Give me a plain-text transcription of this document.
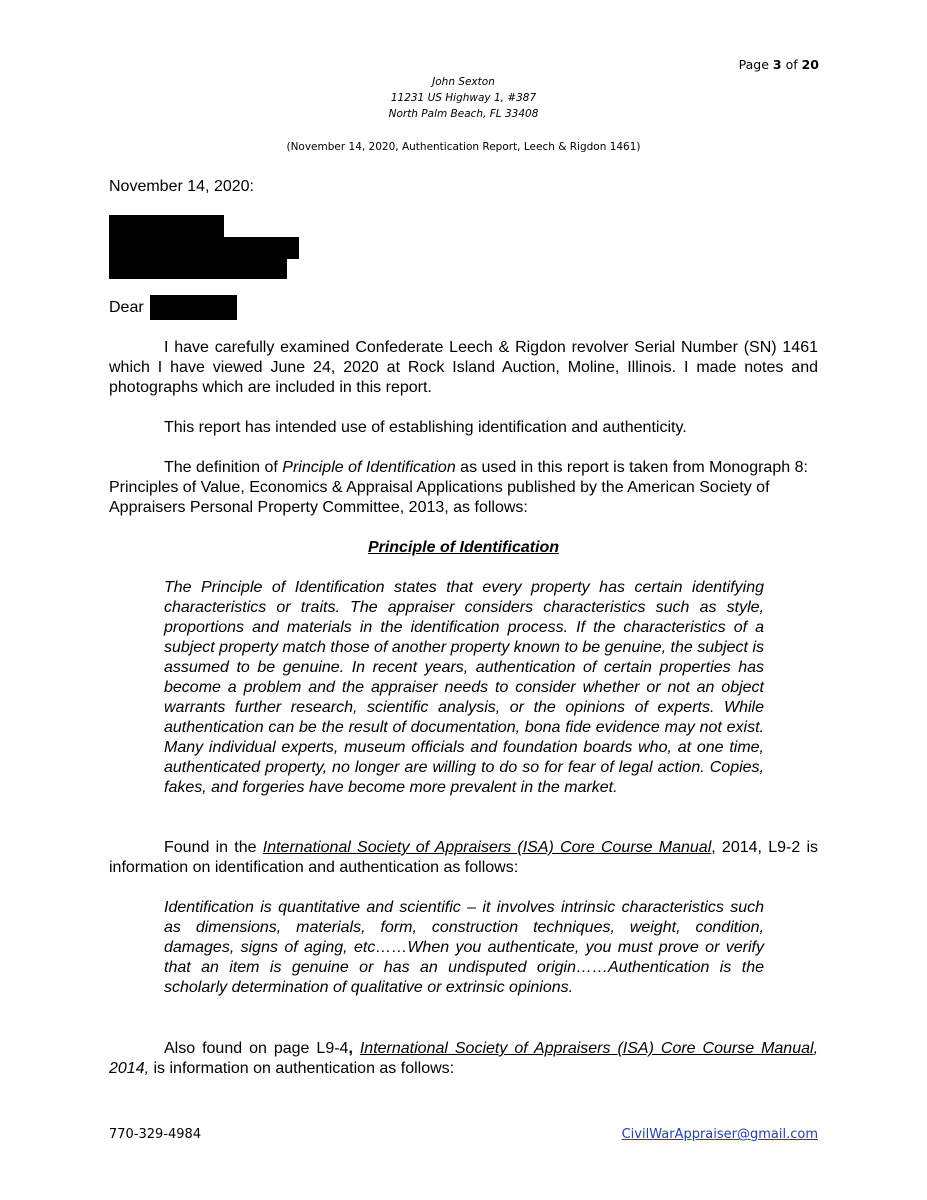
Page 3 of 20
John Sexton
11231 US Highway 1, #387
North Palm Beach, FL 33408
(November 14, 2020, Authentication Report, Leech & Rigdon 1461)
November 14, 2020:
Dear
I have carefully examined Confederate Leech & Rigdon revolver Serial Number (SN) 1461 which I have viewed June 24, 2020 at Rock Island Auction, Moline, Illinois. I made notes and photographs which are included in this report.
This report has intended use of establishing identification and authenticity.
The definition of Principle of Identification as used in this report is taken from Monograph 8: Principles of Value, Economics & Appraisal Applications published by the American Society of Appraisers Personal Property Committee, 2013, as follows:
Principle of Identification
The Principle of Identification states that every property has certain identifying characteristics or traits. The appraiser considers characteristics such as style, proportions and materials in the identification process. If the characteristics of a subject property match those of another property known to be genuine, the subject is assumed to be genuine. In recent years, authentication of certain properties has become a problem and the appraiser needs to consider whether or not an object warrants further research, scientific analysis, or the opinions of experts. While authentication can be the result of documentation, bona fide evidence may not exist. Many individual experts, museum officials and foundation boards who, at one time, authenticated property, no longer are willing to do so for fear of legal action. Copies, fakes, and forgeries have become more prevalent in the market.
Found in the International Society of Appraisers (ISA) Core Course Manual, 2014, L9-2 is information on identification and authentication as follows:
Identification is quantitative and scientific – it involves intrinsic characteristics such as dimensions, materials, form, construction techniques, weight, condition, damages, signs of aging, etc……When you authenticate, you must prove or verify that an item is genuine or has an undisputed origin……Authentication is the scholarly determination of qualitative or extrinsic opinions.
Also found on page L9-4, International Society of Appraisers (ISA) Core Course Manual, 2014, is information on authentication as follows:
770-329-4984	CivilWarAppraiser@gmail.com
